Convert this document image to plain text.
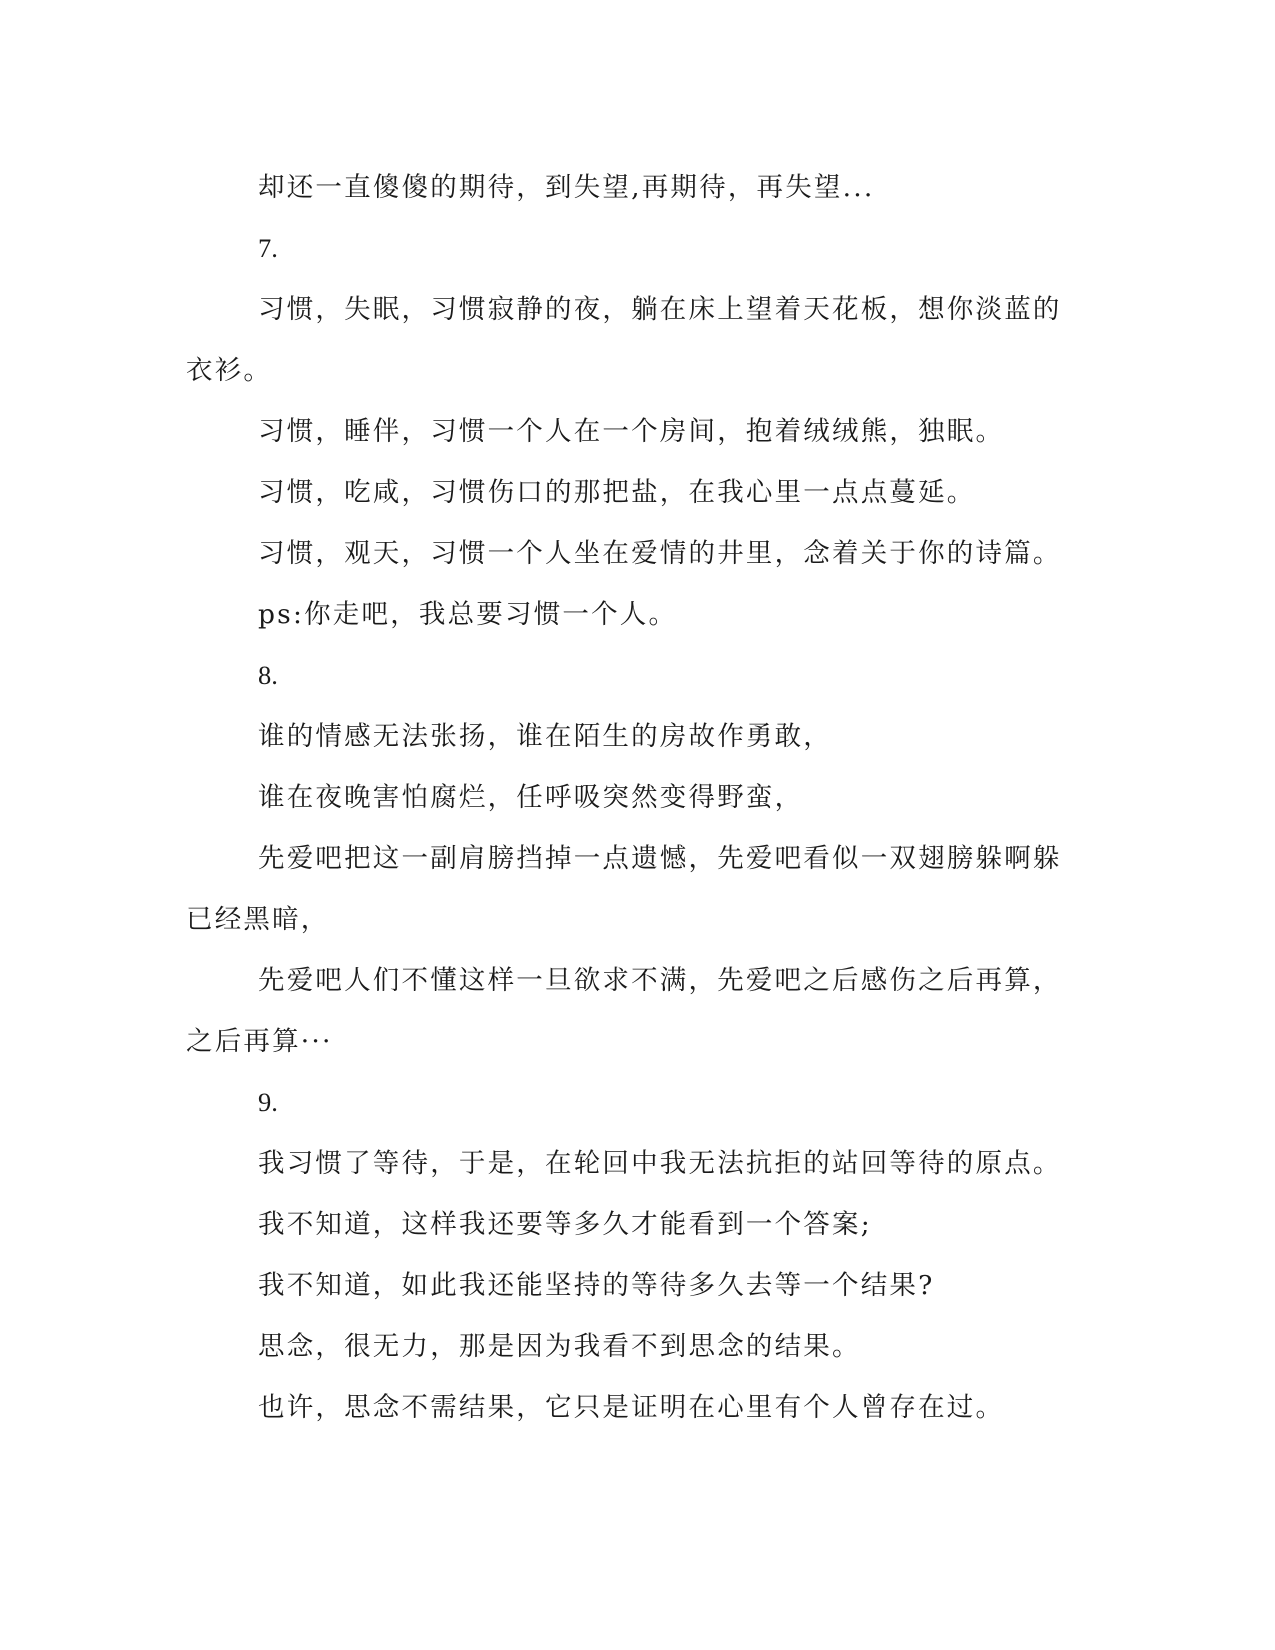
却还一直傻傻的期待，到失望,再期待，再失望...

7.

习惯，失眠，习惯寂静的夜，躺在床上望着天花板，想你淡蓝的衣衫。

习惯，睡伴，习惯一个人在一个房间，抱着绒绒熊，独眠。

习惯，吃咸，习惯伤口的那把盐，在我心里一点点蔓延。

习惯，观天，习惯一个人坐在爱情的井里，念着关于你的诗篇。

ps:你走吧，我总要习惯一个人。

8.

谁的情感无法张扬，谁在陌生的房故作勇敢，

谁在夜晚害怕腐烂，任呼吸突然变得野蛮，

先爱吧把这一副肩膀挡掉一点遗憾，先爱吧看似一双翅膀躲啊躲已经黑暗，

先爱吧人们不懂这样一旦欲求不满，先爱吧之后感伤之后再算，之后再算···

9.

我习惯了等待，于是，在轮回中我无法抗拒的站回等待的原点。

我不知道，这样我还要等多久才能看到一个答案;

我不知道，如此我还能坚持的等待多久去等一个结果?

思念，很无力，那是因为我看不到思念的结果。

也许，思念不需结果，它只是证明在心里有个人曾存在过。
